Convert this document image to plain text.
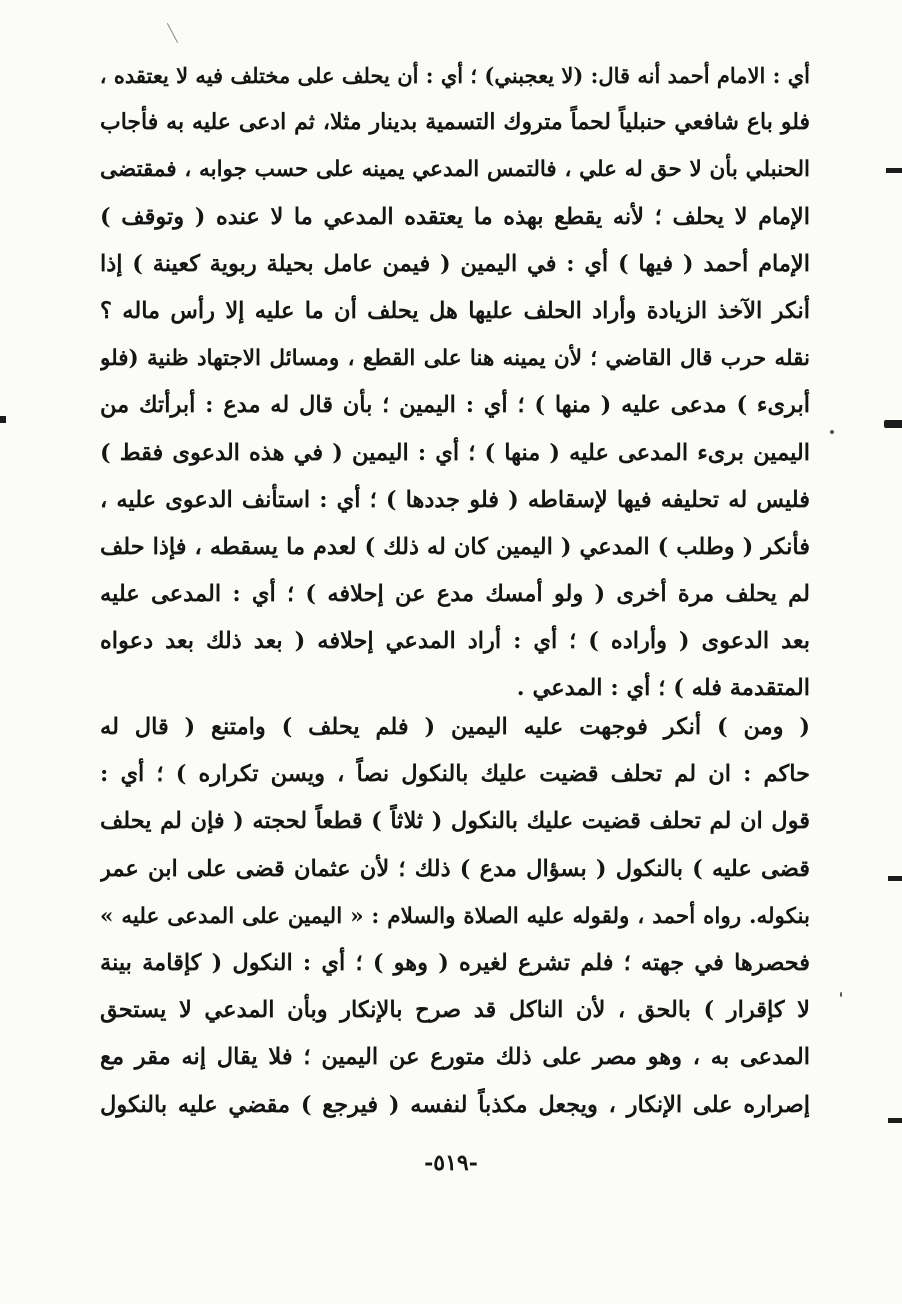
أي : الامام أحمد أنه قال: (لا يعجبني) ؛ أي : أن يحلف على مختلف فيه لا يعتقده ،
فلو باع شافعي حنبلياً لحماً متروك التسمية بدينار مثلا، ثم ادعى عليه به فأجاب
الحنبلي بأن لا حق له علي ، فالتمس المدعي يمينه على حسب جوابه ، فمقتضى
الإمام لا يحلف ؛ لأنه يقطع بهذه ما يعتقده المدعي ما لا عنده ( وتوقف )
الإمام أحمد ( فيها ) أي : في اليمين ( فيمن عامل بحيلة ربوية كعينة ) إذا
أنكر الآخذ الزيادة وأراد الحلف عليها هل يحلف أن ما عليه إلا رأس ماله ؟
نقله حرب قال القاضي ؛ لأن يمينه هنا على القطع ، ومسائل الاجتهاد ظنية (فلو
أبرىء ) مدعى عليه ( منها ) ؛ أي : اليمين ؛ بأن قال له مدع : أبرأتك من
اليمين برىء المدعى عليه ( منها ) ؛ أي : اليمين ( في هذه الدعوى فقط )
فليس له تحليفه فيها لإسقاطه ( فلو جددها ) ؛ أي : استأنف الدعوى عليه ،
فأنكر ( وطلب ) المدعي ( اليمين كان له ذلك ) لعدم ما يسقطه ، فإذا حلف
لم يحلف مرة أخرى ( ولو أمسك مدع عن إحلافه ) ؛ أي : المدعى عليه
بعد الدعوى ( وأراده ) ؛ أي : أراد المدعي إحلافه ( بعد ذلك بعد دعواه
المتقدمة فله ) ؛ أي : المدعي .
( ومن ) أنكر فوجهت عليه اليمين ( فلم يحلف ) وامتنع ( قال له
حاكم : ان لم تحلف قضيت عليك بالنكول نصاً ، ويسن تكراره ) ؛ أي :
قول ان لم تحلف قضيت عليك بالنكول ( ثلاثاً ) قطعاً لحجته ( فإن لم يحلف
قضى عليه ) بالنكول ( بسؤال مدع ) ذلك ؛ لأن عثمان قضى على ابن عمر
بنكوله. رواه أحمد ، ولقوله عليه الصلاة والسلام : « اليمين على المدعى عليه »
فحصرها في جهته ؛ فلم تشرع لغيره ( وهو ) ؛ أي : النكول ( كإقامة بينة
لا كإقرار ) بالحق ، لأن الناكل قد صرح بالإنكار وبأن المدعي لا يستحق
المدعى به ، وهو مصر على ذلك متورع عن اليمين ؛ فلا يقال إنه مقر مع
إصراره على الإنكار ، ويجعل مكذباً لنفسه ( فيرجع ) مقضي عليه بالنكول
-٥١٩-
